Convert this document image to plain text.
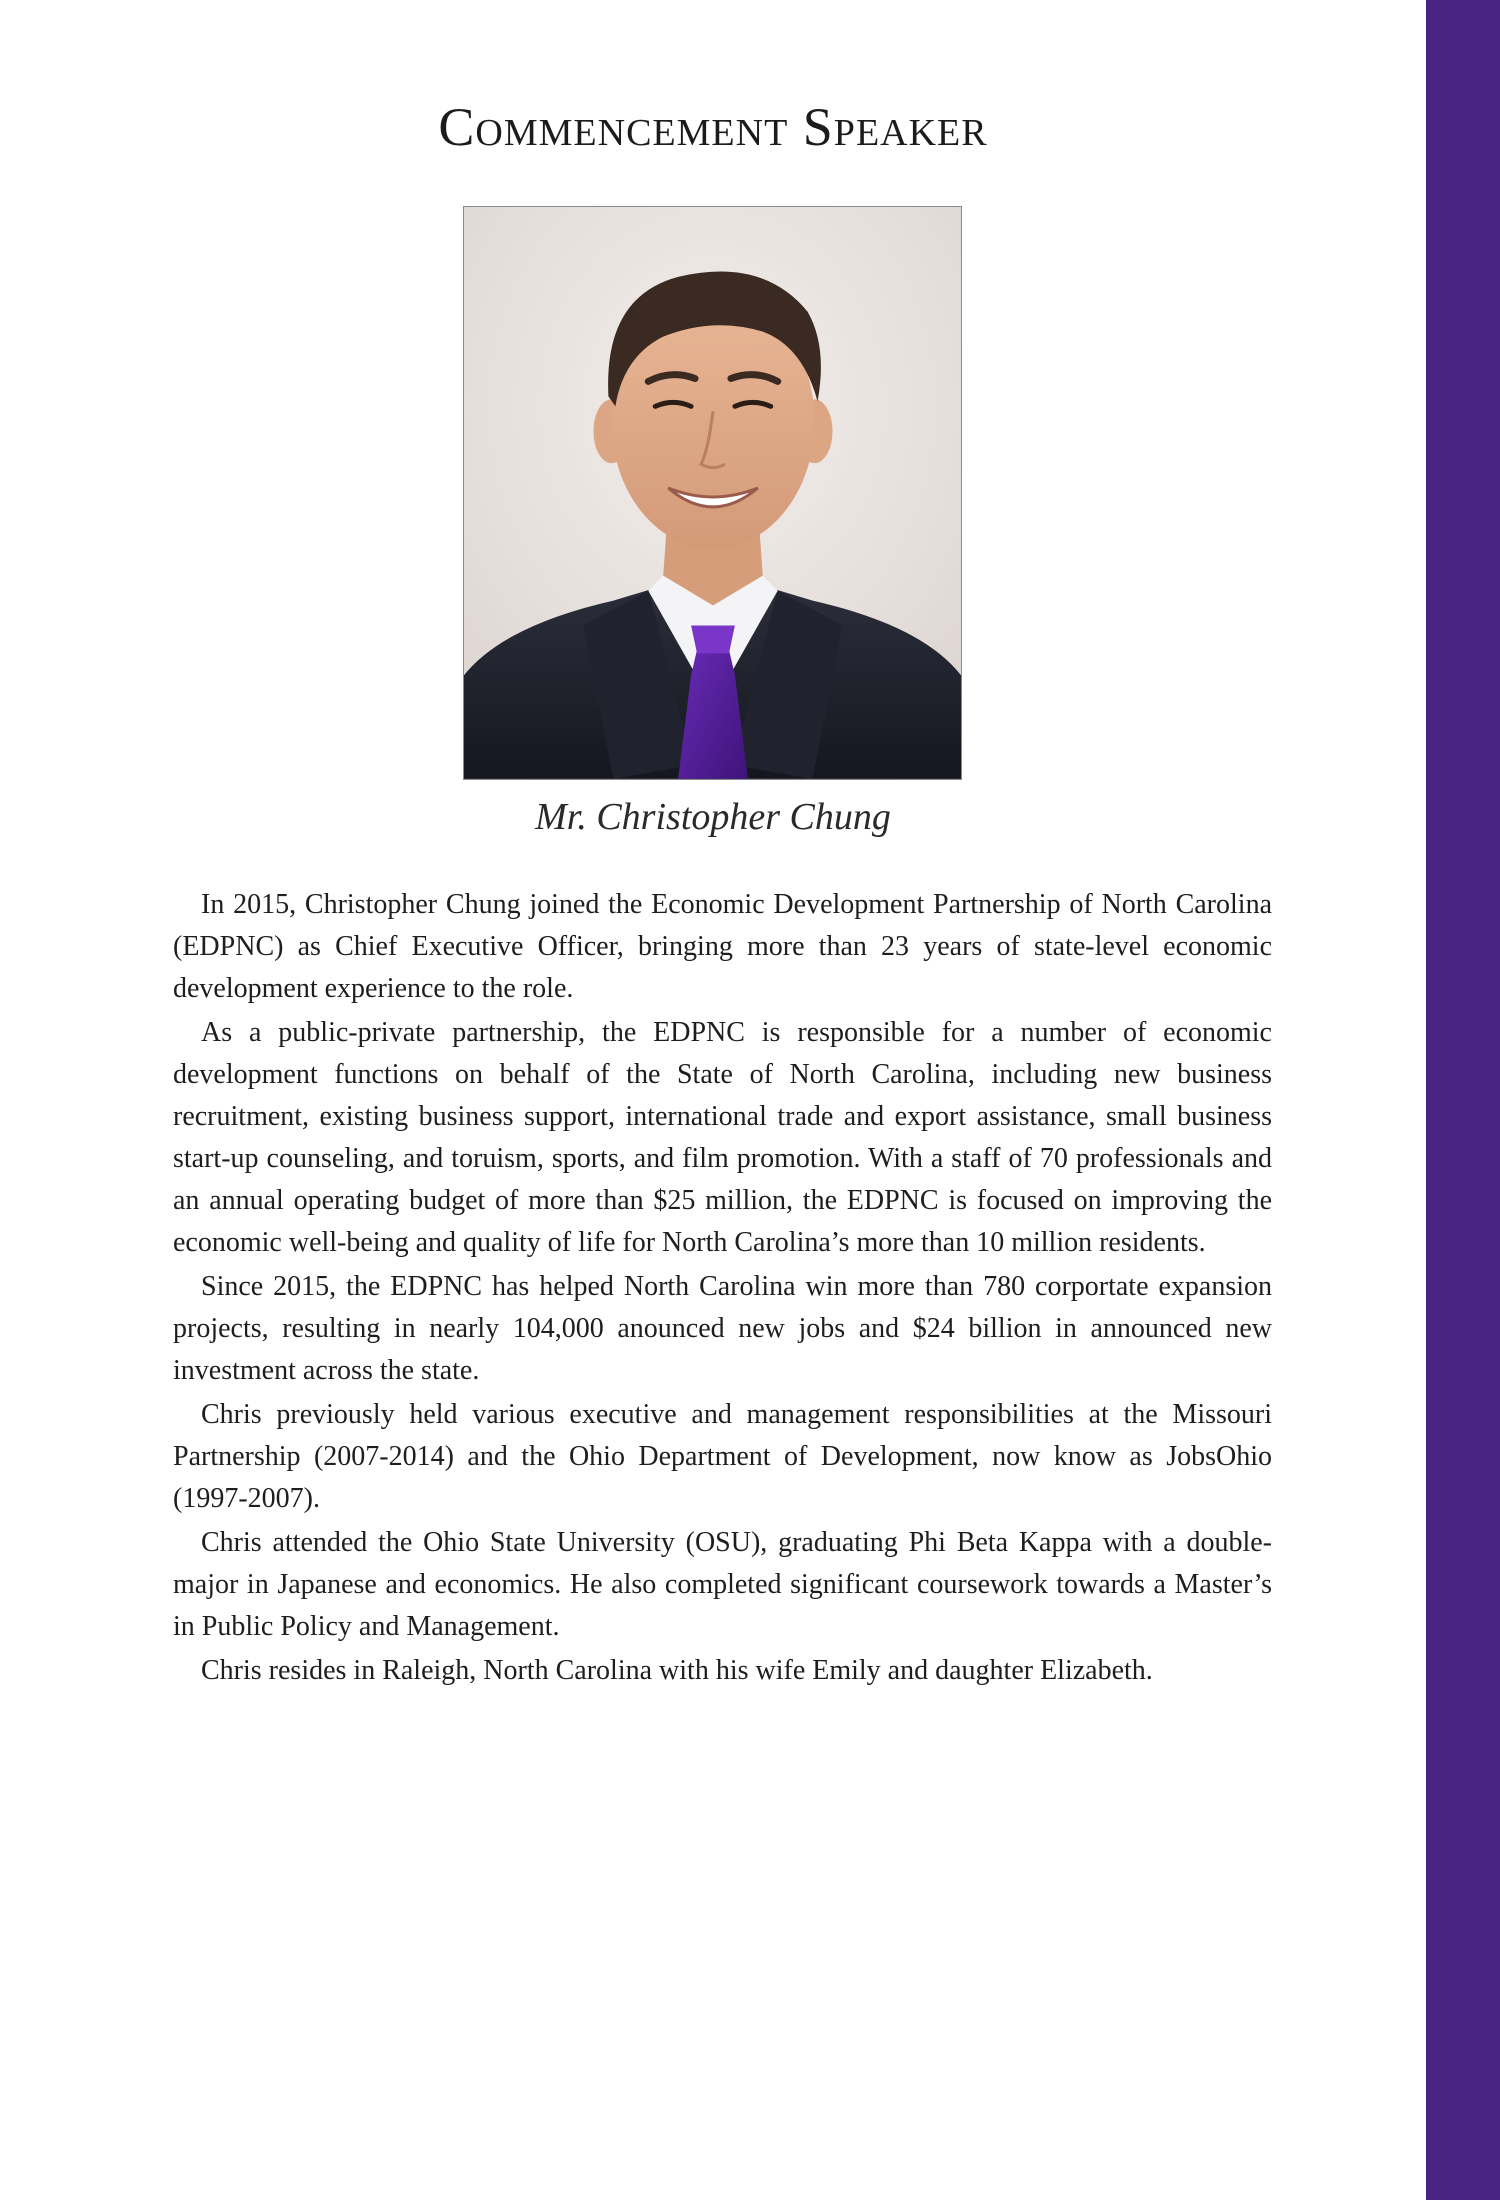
Commencement Speaker
Mr. Christopher Chung

In 2015, Christopher Chung joined the Economic Development Partnership of North Carolina (EDPNC) as Chief Executive Officer, bringing more than 23 years of state-level economic development experience to the role.

As a public-private partnership, the EDPNC is responsible for a number of economic development functions on behalf of the State of North Carolina, including new business recruitment, existing business support, international trade and export assistance, small business start-up counseling, and toruism, sports, and film promotion. With a staff of 70 professionals and an annual operating budget of more than $25 million, the EDPNC is focused on improving the economic well-being and quality of life for North Carolina’s more than 10 million residents.

Since 2015, the EDPNC has helped North Carolina win more than 780 corportate expansion projects, resulting in nearly 104,000 anounced new jobs and $24 billion in announced new investment across the state.

Chris previously held various executive and management responsibilities at the Missouri Partnership (2007-2014) and the Ohio Department of Development, now know as JobsOhio (1997-2007).

Chris attended the Ohio State University (OSU), graduating Phi Beta Kappa with a double-major in Japanese and economics. He also completed significant coursework towards a Master’s in Public Policy and Management.

Chris resides in Raleigh, North Carolina with his wife Emily and daughter Elizabeth.
